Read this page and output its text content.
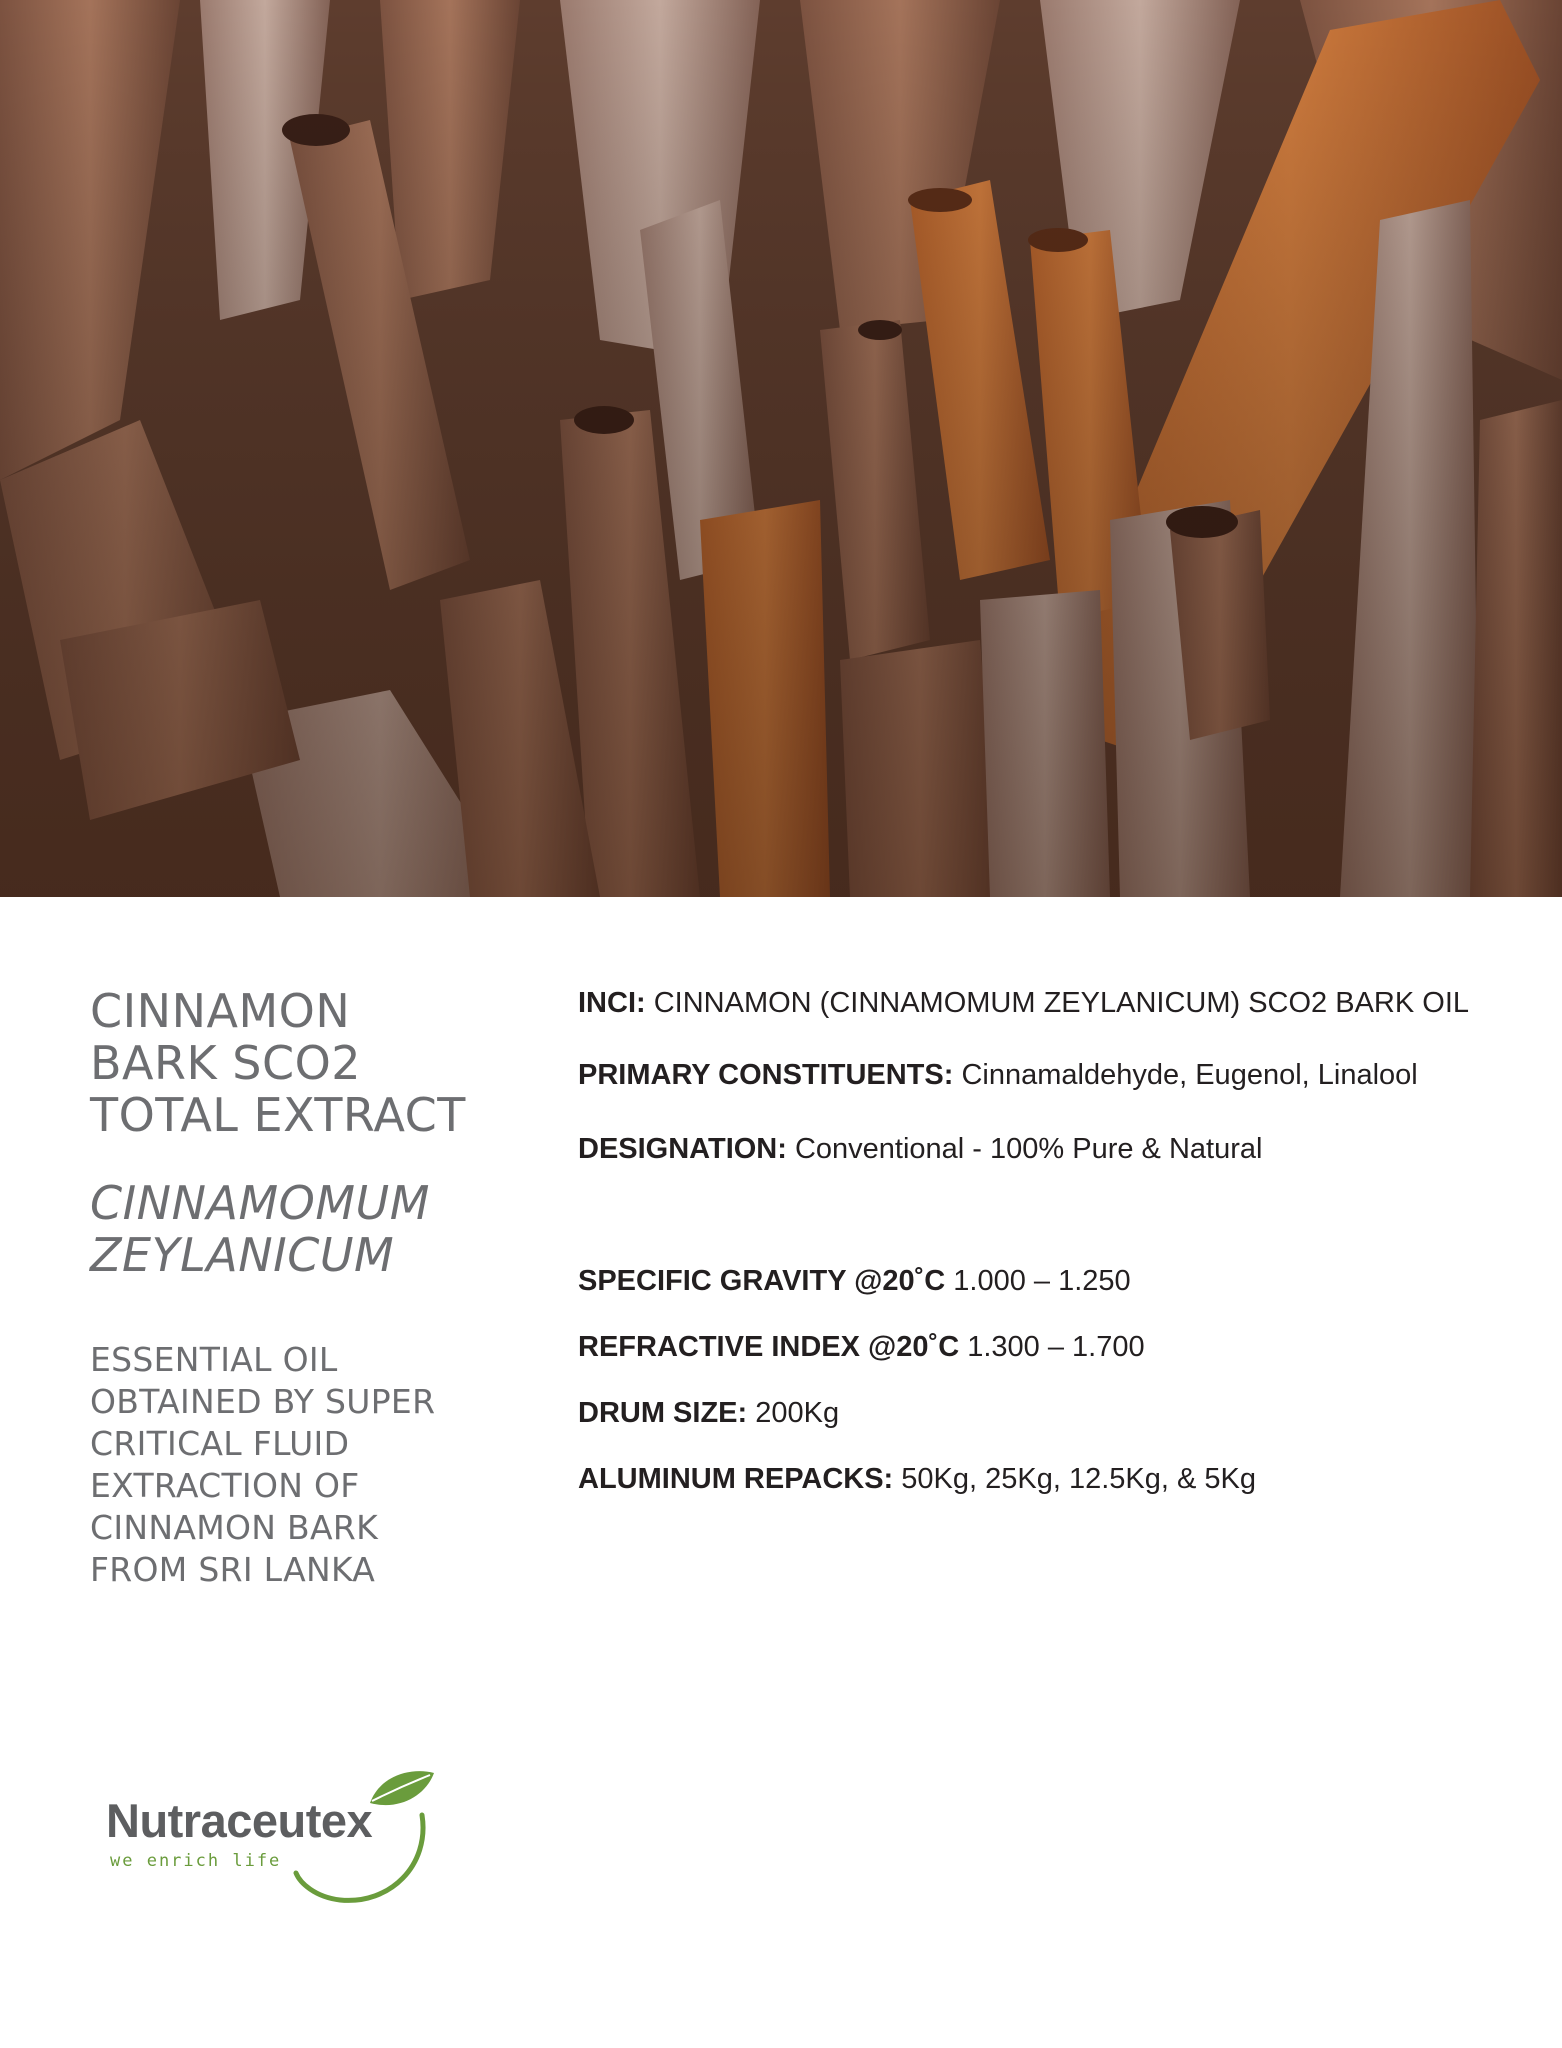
CINNAMON
BARK SCO2
TOTAL EXTRACT
CINNAMOMUM
ZEYLANICUM
ESSENTIAL OIL
OBTAINED BY SUPER
CRITICAL FLUID
EXTRACTION OF
CINNAMON BARK
FROM SRI LANKA

INCI: CINNAMON (CINNAMOMUM ZEYLANICUM) SCO2 BARK OIL

PRIMARY CONSTITUENTS: Cinnamaldehyde, Eugenol, Linalool

DESIGNATION: Conventional - 100% Pure & Natural

SPECIFIC GRAVITY @20˚C 1.000 – 1.250

REFRACTIVE INDEX @20˚C 1.300 – 1.700

DRUM SIZE: 200Kg

ALUMINUM REPACKS: 50Kg, 25Kg, 12.5Kg, & 5Kg

Nutraceutex
we enrich life
